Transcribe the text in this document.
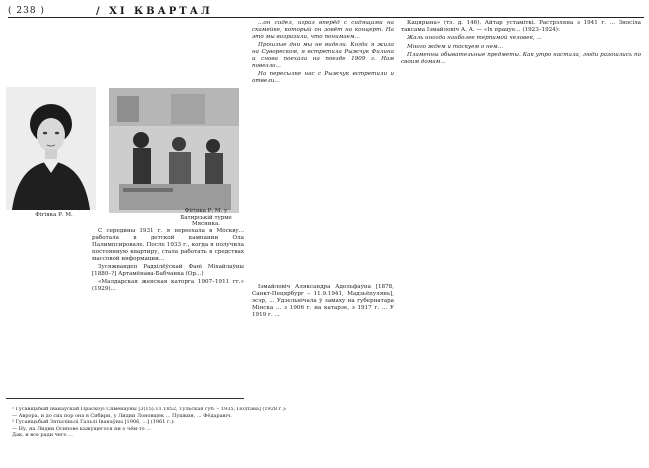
( 238 )	/ XI КВАРТАЛ
Фігіяка Р. М.
Фігіяка Р. М. у Батирській турме Мясника.

С середины 1931 г. я переехала в Москву... работала в детской кампании Ола Палимпсировале. После 1933 г., когда я получила постоянную квартиру, стала работать в средствах массовой информации...

Зусяжвандеп Радхілёўскай Фані Міхайлаўны [1880–?] Артамёнава-Бабчанка (Ор...)

«Малдарская женская каторга 1907–1911 гг.» (1929)...

...он сидел, играл вперёд с сидящими на скамейке, который он зовёт на концерт. На это мы возразили, что понимаем...

Прошлые дни мы не видели. Когда я жила на Сувореском, я встретила Рыжчук Филина и снова поехала на поезде 1909 г. Нам повезло...

На пересылке нас с Рыжчук встретили и отвели...

Ізмайловіч Аляксандра Адольфаўна [1878, Санкт-Пецярбург – 11.9.1941, Мадзьёпулянь], эсэр, ... Удзельнічала ў замаху на губернатара Мінска ... з 1906 г. на катарзе, з 1917 г. ... У 1919 г. ...

Кацярына» (тэ. д. 146). Айтар устаміткі. Растрэляна з 1941 г. ... Зносіла таксама Ізмайловіч А. А. — «Іх працуе... (1923–1924):

Жаль иногда наиболее терпимой человек, ...

Много ждем и тоскуем о нем...

Пламенны обывательные предметы. Как утро настала, люди разошлись по своим домам...

¹ Гусавіцьбый Іванаўскай Прaскоўі Сямёнаўны [3(15).11.1852, Тульская губ. – 1935, Полтава] (1928 г.):

— Аврора, и до сих пор она в Сибири, у Лидии Лоновщек ... Пушкин, ... Фёдаравіч.

² Гусавіцьбый Зятыліньлі Гальлі Іванаўны [1906, ...] (1961 г.):

— Ну, на Лидии Осипове кажущегося ни о чём-то ...

Дак, и все ради чего ...
